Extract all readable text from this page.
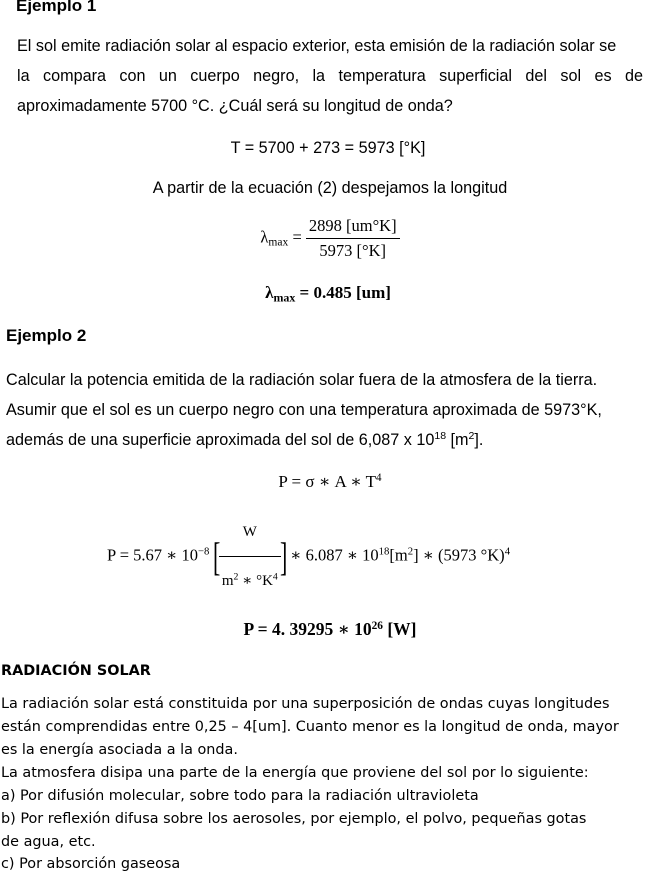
Ejemplo 1
El sol emite radiación solar al espacio exterior, esta emisión de la radiación solar se
la compara con un cuerpo negro, la temperatura superficial del sol es de
aproximadamente 5700 °C. ¿Cuál será su longitud de onda?
T = 5700 + 273 = 5973 [°K]
A partir de la ecuación (2) despejamos la longitud
$\lambda_{max} = \frac{2898 [um^\circ K]}{5973 [^\circ K]}$
$\lambda_{max} = 0.485$ [um]
Ejemplo 2
Calcular la potencia emitida de la radiación solar fuera de la atmosfera de la tierra.
Asumir que el sol es un cuerpo negro con una temperatura aproximada de 5973°K,
además de una superficie aproximada del sol de 6,087 x $10^{18}$ $[m^2]$.
P = σ ∗ A ∗ $T^4$
P = 5.67 ∗ $10^{-8}$ [
$\frac{W}{m^2 ∗ ^\circ K^4}$
] ∗ 6.087 ∗ $10^{18}[m^2]$ ∗ (5973 °K)$^4$
P = 4. 39295 ∗ $10^{26}$ [W]
RADIACIÓN SOLAR
La radiación solar está constituida por una superposición de ondas cuyas longitudes
están comprendidas entre 0,25 – 4[um]. Cuanto menor es la longitud de onda, mayor
es la energía asociada a la onda.
La atmosfera disipa una parte de la energía que proviene del sol por lo siguiente:
a) Por difusión molecular, sobre todo para la radiación ultravioleta
b) Por reflexión difusa sobre los aerosoles, por ejemplo, el polvo, pequeñas gotas
de agua, etc.
c) Por absorción gaseosa
